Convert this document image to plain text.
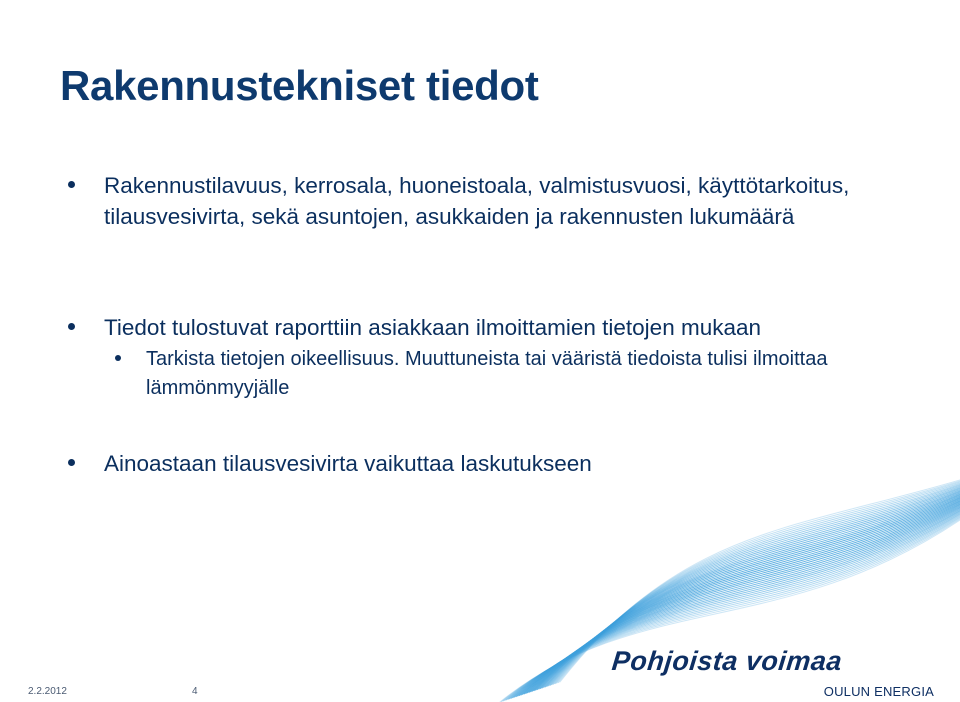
Rakennustekniset tiedot
Rakennustilavuus, kerrosala, huoneistoala, valmistusvuosi, käyttötarkoitus, tilausvesivirta, sekä asuntojen, asukkaiden ja rakennusten lukumäärä
Tiedot tulostuvat raporttiin asiakkaan ilmoittamien tietojen mukaan
Tarkista tietojen oikeellisuus. Muuttuneista tai vääristä tiedoista tulisi ilmoittaa lämmönmyyjälle
Ainoastaan tilausvesivirta vaikuttaa laskutukseen
Pohjoista voimaa
OULUN ENERGIA
2.2.2012	4
